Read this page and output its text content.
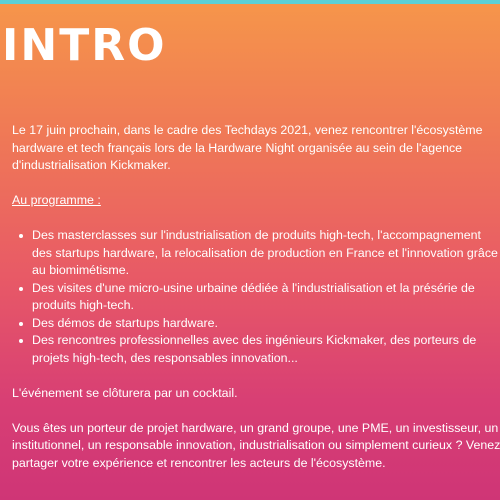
INTRO

Le 17 juin prochain, dans le cadre des Techdays 2021, venez rencontrer l'écosystème hardware et tech français lors de la Hardware Night organisée au sein de l'agence d'industrialisation Kickmaker.

Au programme :

Des masterclasses sur l'industrialisation de produits high-tech, l'accompagnement des startups hardware, la relocalisation de production en France et l'innovation grâce au biomimétisme.
Des visites d'une micro-usine urbaine dédiée à l'industrialisation et la présérie de produits high-tech.
Des démos de startups hardware.
Des rencontres professionnelles avec des ingénieurs Kickmaker, des porteurs de projets high-tech, des responsables innovation...

L'événement se clôturera par un cocktail.

Vous êtes un porteur de projet hardware, un grand groupe, une PME, un investisseur, un institutionnel, un responsable innovation, industrialisation ou simplement curieux ? Venez partager votre expérience et rencontrer les acteurs de l'écosystème.
